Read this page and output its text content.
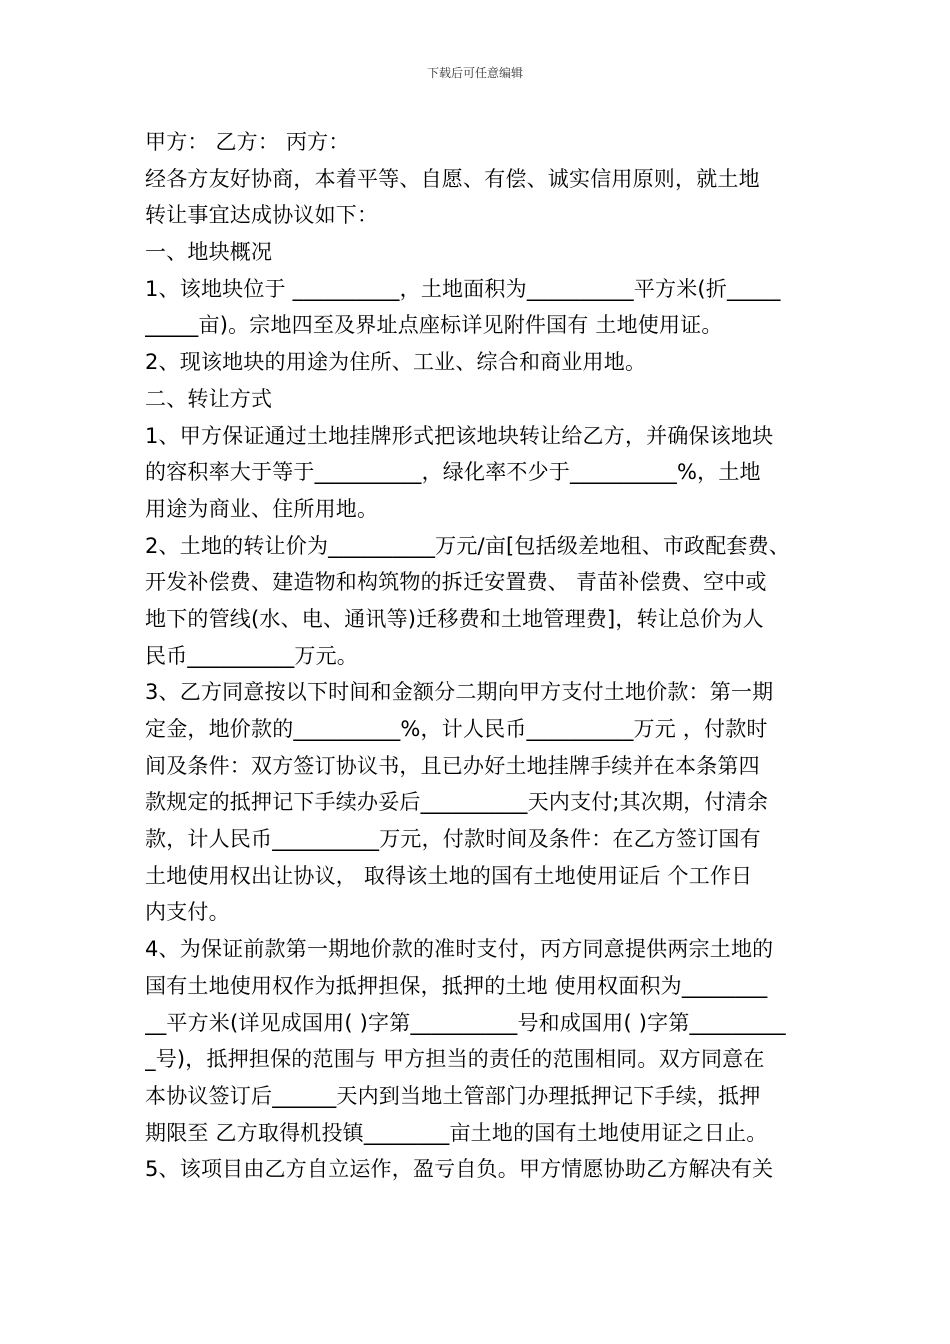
下载后可任意编辑
甲方： 乙方： 丙方：
经各方友好协商，本着平等、自愿、有偿、诚实信用原则，就土地
转让事宜达成协议如下：
一、地块概况
1、该地块位于 __________，土地面积为__________平方米(折_____
_____亩)。宗地四至及界址点座标详见附件国有 土地使用证。
2、现该地块的用途为住所、工业、综合和商业用地。
二、转让方式
1、甲方保证通过土地挂牌形式把该地块转让给乙方，并确保该地块
的容积率大于等于__________，绿化率不少于__________%，土地
用途为商业、住所用地。
2、土地的转让价为__________万元/亩[包括级差地租、市政配套费、
开发补偿费、建造物和构筑物的拆迁安置费、 青苗补偿费、空中或
地下的管线(水、电、通讯等)迁移费和土地管理费]，转让总价为人
民币__________万元。
3、乙方同意按以下时间和金额分二期向甲方支付土地价款：第一期
定金，地价款的__________%，计人民币__________万元 ，付款时
间及条件：双方签订协议书，且已办好土地挂牌手续并在本条第四
款规定的抵押记下手续办妥后__________天内支付;其次期，付清余
款，计人民币__________万元，付款时间及条件：在乙方签订国有
土地使用权出让协议， 取得该土地的国有土地使用证后 个工作日
内支付。
4、为保证前款第一期地价款的准时支付，丙方同意提供两宗土地的
国有土地使用权作为抵押担保，抵押的土地 使用权面积为________
__平方米(详见成国用( )字第__________号和成国用( )字第_________
_号)，抵押担保的范围与 甲方担当的责任的范围相同。双方同意在
本协议签订后______天内到当地土管部门办理抵押记下手续，抵押
期限至 乙方取得机投镇________亩土地的国有土地使用证之日止。
5、该项目由乙方自立运作，盈亏自负。甲方情愿协助乙方解决有关
